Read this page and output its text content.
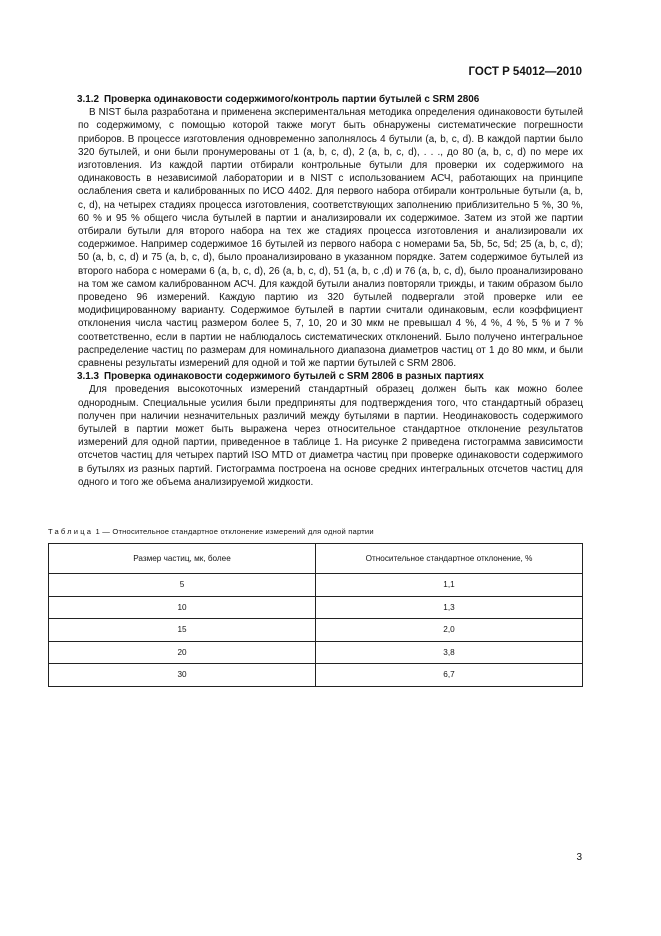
ГОСТ Р 54012—2010
3.1.2 Проверка одинаковости содержимого/контроль партии бутылей с SRM 2806

В NIST была разработана и применена экспериментальная методика определения одинаковости бутылей по содержимому, с помощью которой также могут быть обнаружены систематические погрешности приборов. В процессе изготовления одновременно заполнялось 4 бутыли (a, b, c, d). В каждой партии было 320 бутылей, и они были пронумерованы от 1 (a, b, c, d), 2 (a, b, c, d), . . ., до 80 (a, b, c, d) по мере их изготовления. Из каждой партии отбирали контрольные бутыли для проверки их содержимого на одинаковость в независимой лаборатории и в NIST с использованием АСЧ, работающих на принципе ослабления света и калиброванных по ИСО 4402. Для первого набора отбирали контрольные бутыли (a, b, c, d), на четырех стадиях процесса изготовления, соответствующих заполнению приблизительно 5 %, 30 %, 60 % и 95 % общего числа бутылей в партии и анализировали их содержимое. Затем из этой же партии отбирали бутыли для второго набора на тех же стадиях процесса изготовления и анализировали их содержимое. Например содержимое 16 бутылей из первого набора с номерами 5a, 5b, 5c, 5d; 25 (a, b, c, d); 50 (a, b, c, d) и 75 (a, b, c, d), было проанализировано в указанном порядке. Затем содержимое бутылей из второго набора с номерами 6 (a, b, c, d), 26 (a, b, c, d), 51 (a, b, c ,d) и 76 (a, b, c, d), было проанализировано на том же самом калиброванном АСЧ. Для каждой бутыли анализ повторяли трижды, и таким образом было проведено 96 измерений. Каждую партию из 320 бутылей подвергали этой проверке или ее модифицированному варианту. Содержимое бутылей в партии считали одинаковым, если коэффициент отклонения числа частиц размером более 5, 7, 10, 20 и 30 мкм не превышал 4 %, 4 %, 4 %, 5 % и 7 % соответственно, если в партии не наблюдалось систематических отклонений. Было получено интегральное распределение частиц по размерам для номинального диапазона диаметров частиц от 1 до 80 мкм, и были сравнены результаты измерений для одной и той же партии бутылей с SRM 2806.

3.1.3 Проверка одинаковости содержимого бутылей с SRM 2806 в разных партиях

Для проведения высокоточных измерений стандартный образец должен быть как можно более однородным. Специальные усилия были предприняты для подтверждения того, что стандартный образец получен при наличии незначительных различий между бутылями в партии. Неодинаковость содержимого бутылей в партии может быть выражена через относительное стандартное отклонение результатов измерений для одной партии, приведенное в таблице 1. На рисунке 2 приведена гистограмма зависимости отсчетов частиц для четырех партий ISO MTD от диаметра частиц при проверке одинаковости содержимого в бутылях из разных партий. Гистограмма построена на основе средних интегральных отсчетов частиц для одного и того же объема анализируемой жидкости.

Таблица 1 — Относительное стандартное отклонение измерений для одной партии
Размер частиц, мк, более	Относительное стандартное отклонение, %
5	1,1
10	1,3
15	2,0
20	3,8
30	6,7
3
